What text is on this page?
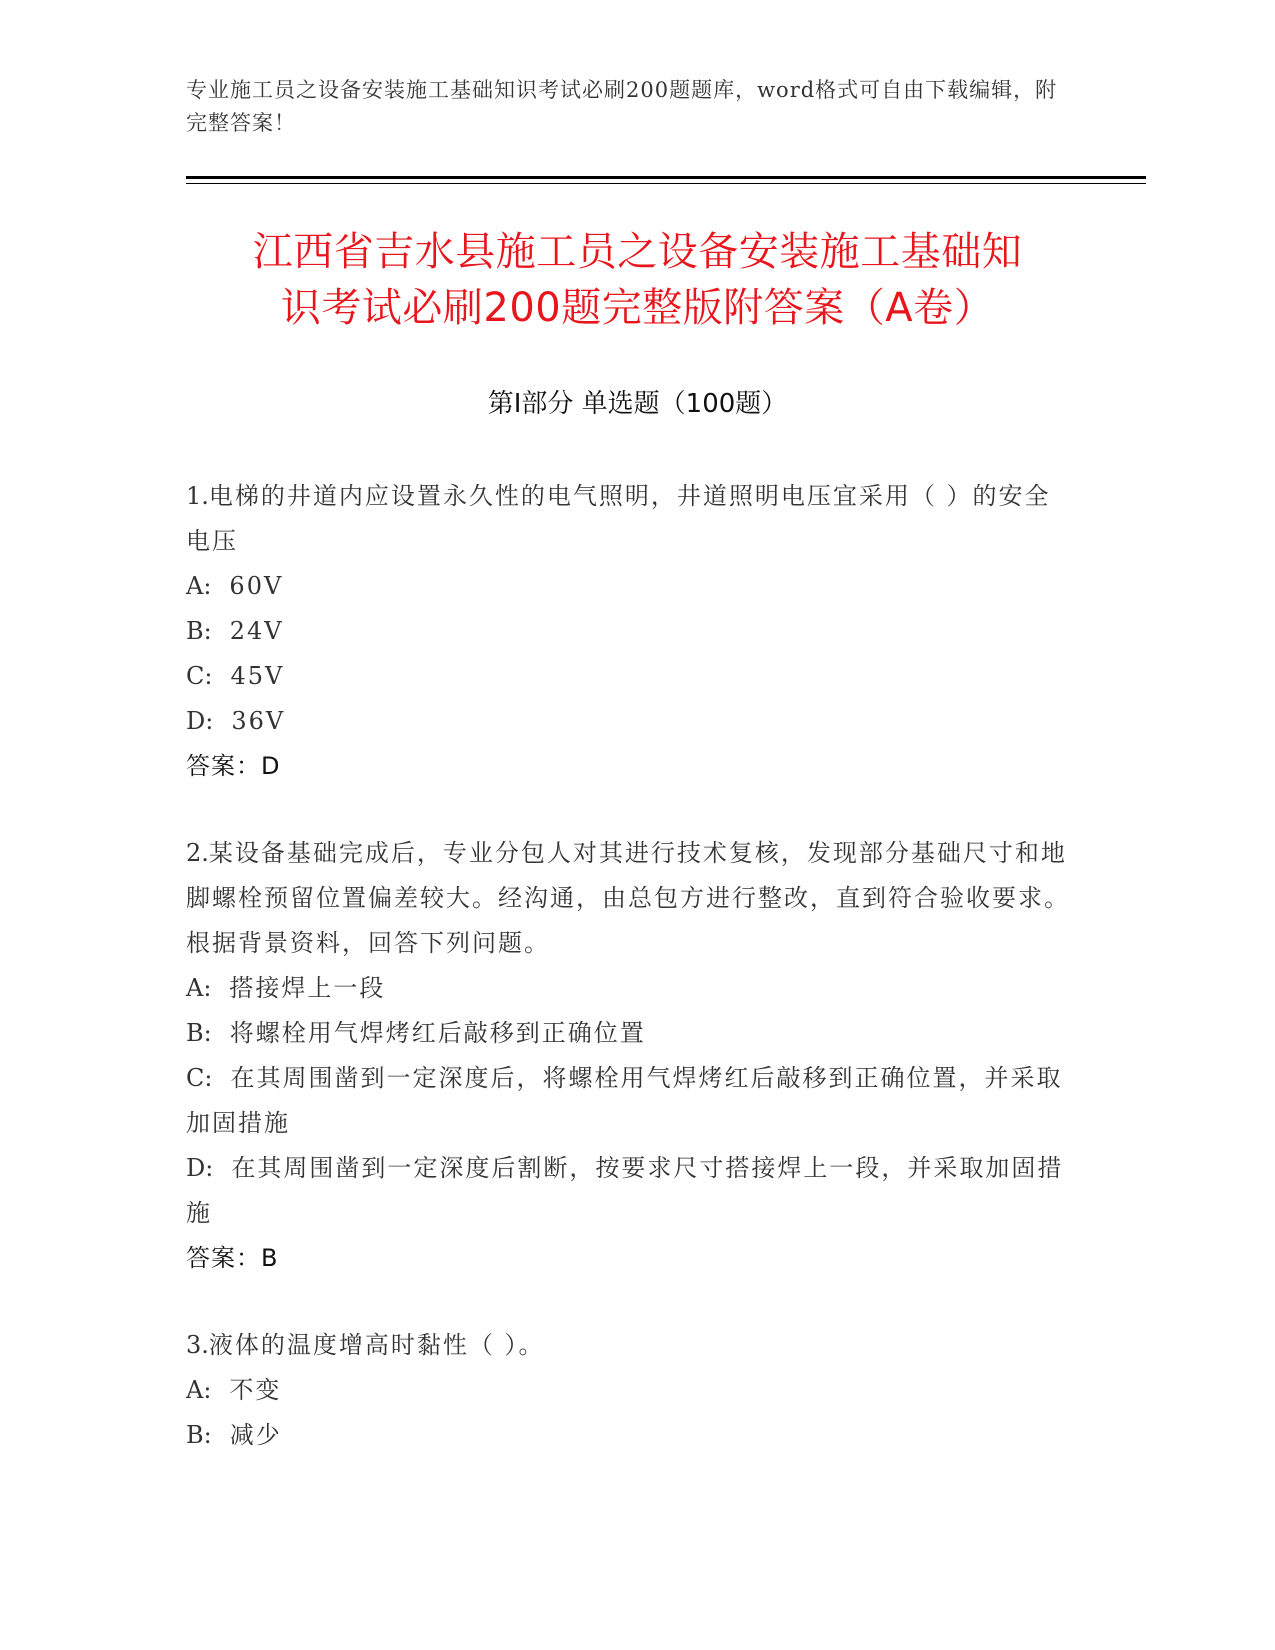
专业施工员之设备安装施工基础知识考试必刷200题题库，word格式可自由下载编辑，附完整答案！
江西省吉水县施工员之设备安装施工基础知
识考试必刷200题完整版附答案（A卷）
第Ⅰ部分 单选题（100题）

1.电梯的井道内应设置永久性的电气照明，井道照明电压宜采用（ ）的安全电压

A: 60V

B: 24V

C: 45V

D: 36V

答案：D

2.某设备基础完成后，专业分包人对其进行技术复核，发现部分基础尺寸和地脚螺栓预留位置偏差较大。经沟通，由总包方进行整改，直到符合验收要求。根据背景资料，回答下列问题。

A: 搭接焊上一段

B: 将螺栓用气焊烤红后敲移到正确位置

C: 在其周围凿到一定深度后，将螺栓用气焊烤红后敲移到正确位置，并采取加固措施

D: 在其周围凿到一定深度后割断，按要求尺寸搭接焊上一段，并采取加固措施

答案：B

3.液体的温度增高时黏性（ ）。

A: 不变

B: 减少
